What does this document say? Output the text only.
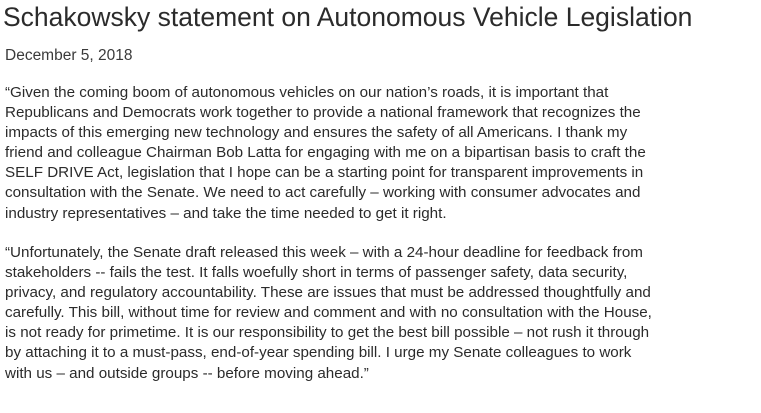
Schakowsky statement on Autonomous Vehicle Legislation
December 5, 2018

“Given the coming boom of autonomous vehicles on our nation’s roads, it is important that
Republicans and Democrats work together to provide a national framework that recognizes the
impacts of this emerging new technology and ensures the safety of all Americans. I thank my
friend and colleague Chairman Bob Latta for engaging with me on a bipartisan basis to craft the
SELF DRIVE Act, legislation that I hope can be a starting point for transparent improvements in
consultation with the Senate. We need to act carefully – working with consumer advocates and
industry representatives – and take the time needed to get it right.

“Unfortunately, the Senate draft released this week – with a 24-hour deadline for feedback from
stakeholders -- fails the test. It falls woefully short in terms of passenger safety, data security,
privacy, and regulatory accountability. These are issues that must be addressed thoughtfully and
carefully. This bill, without time for review and comment and with no consultation with the House,
is not ready for primetime. It is our responsibility to get the best bill possible – not rush it through
by attaching it to a must-pass, end-of-year spending bill. I urge my Senate colleagues to work
with us – and outside groups -- before moving ahead.”
